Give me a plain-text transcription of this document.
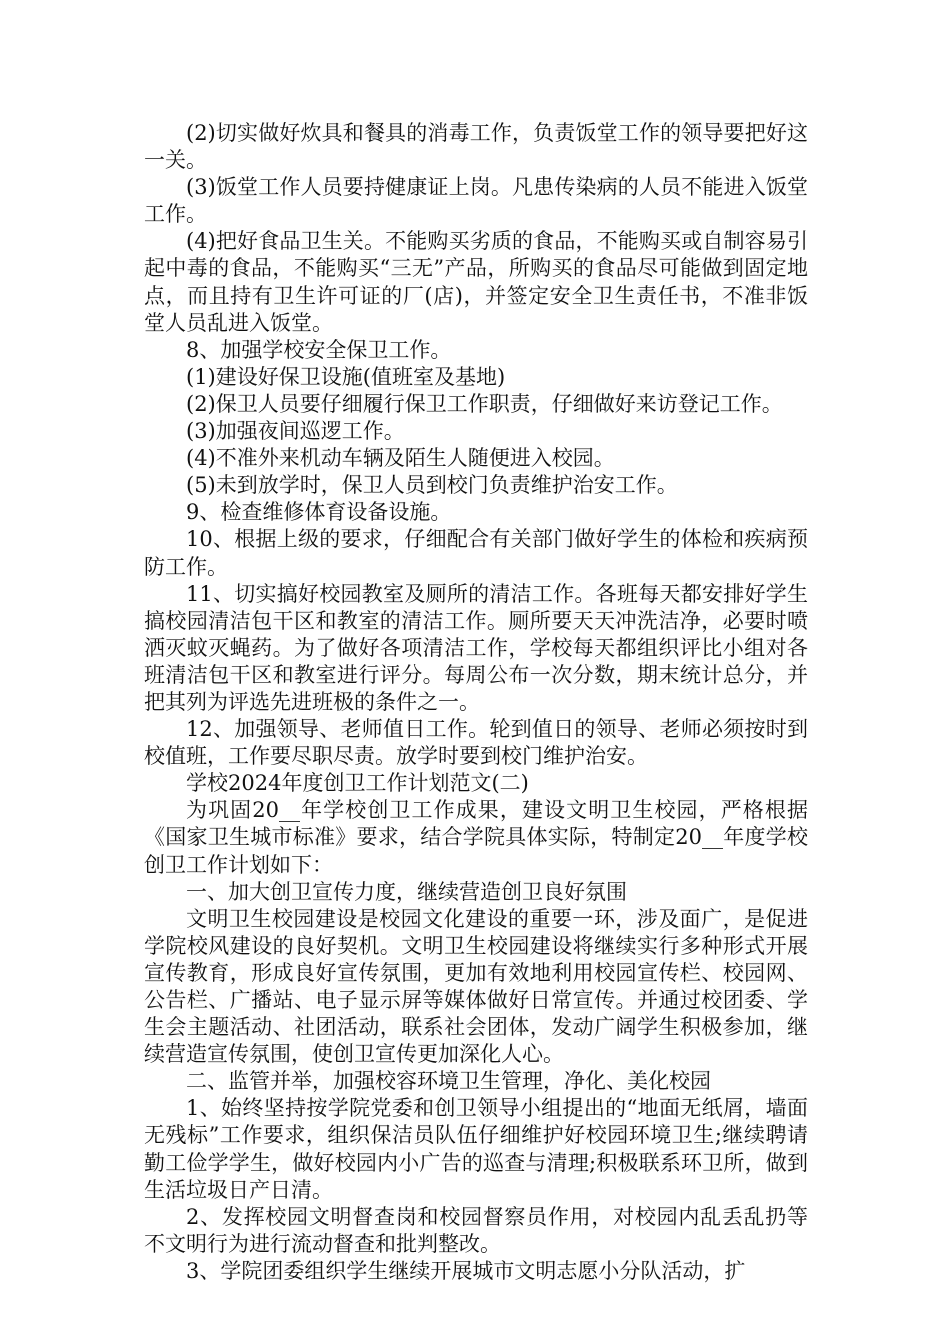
(2)切实做好炊具和餐具的消毒工作，负责饭堂工作的领导要把好这一关。

(3)饭堂工作人员要持健康证上岗。凡患传染病的人员不能进入饭堂工作。

(4)把好食品卫生关。不能购买劣质的食品，不能购买或自制容易引起中毒的食品，不能购买“三无”产品，所购买的食品尽可能做到固定地点，而且持有卫生许可证的厂(店)，并签定安全卫生责任书，不准非饭堂人员乱进入饭堂。

8、加强学校安全保卫工作。

(1)建设好保卫设施(值班室及基地)

(2)保卫人员要仔细履行保卫工作职责，仔细做好来访登记工作。

(3)加强夜间巡逻工作。

(4)不准外来机动车辆及陌生人随便进入校园。

(5)未到放学时，保卫人员到校门负责维护治安工作。

9、检查维修体育设备设施。

10、根据上级的要求，仔细配合有关部门做好学生的体检和疾病预防工作。

11、切实搞好校园教室及厕所的清洁工作。各班每天都安排好学生搞校园清洁包干区和教室的清洁工作。厕所要天天冲洗洁净，必要时喷洒灭蚊灭蝇药。为了做好各项清洁工作，学校每天都组织评比小组对各班清洁包干区和教室进行评分。每周公布一次分数，期末统计总分，并把其列为评选先进班极的条件之一。

12、加强领导、老师值日工作。轮到值日的领导、老师必须按时到校值班，工作要尽职尽责。放学时要到校门维护治安。

学校2024年度创卫工作计划范文(二)

为巩固20__年学校创卫工作成果，建设文明卫生校园，严格根据《国家卫生城市标准》要求，结合学院具体实际，特制定20__年度学校创卫工作计划如下：

一、加大创卫宣传力度，继续营造创卫良好氛围

文明卫生校园建设是校园文化建设的重要一环，涉及面广，是促进学院校风建设的良好契机。文明卫生校园建设将继续实行多种形式开展宣传教育，形成良好宣传氛围，更加有效地利用校园宣传栏、校园网、公告栏、广播站、电子显示屏等媒体做好日常宣传。并通过校团委、学生会主题活动、社团活动，联系社会团体，发动广阔学生积极参加，继续营造宣传氛围，使创卫宣传更加深化人心。

二、监管并举，加强校容环境卫生管理，净化、美化校园

1、始终坚持按学院党委和创卫领导小组提出的“地面无纸屑，墙面无残标”工作要求，组织保洁员队伍仔细维护好校园环境卫生;继续聘请勤工俭学学生，做好校园内小广告的巡查与清理;积极联系环卫所，做到生活垃圾日产日清。

2、发挥校园文明督查岗和校园督察员作用，对校园内乱丢乱扔等不文明行为进行流动督查和批判整改。

3、学院团委组织学生继续开展城市文明志愿小分队活动，扩
